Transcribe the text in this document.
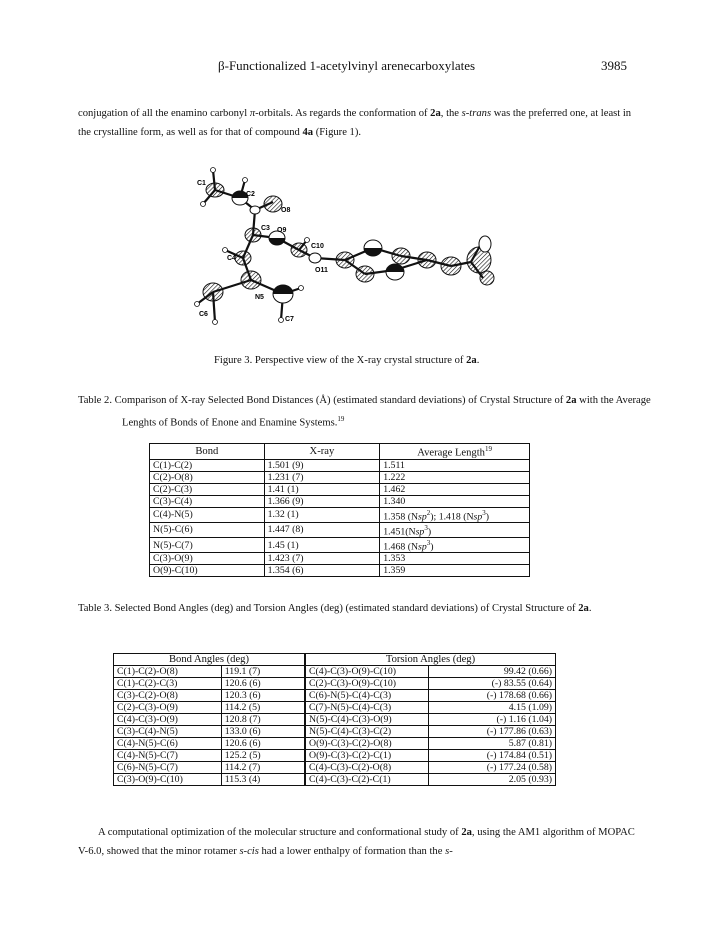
β-Functionalized 1-acetylvinyl arenecarboxylates	3985
conjugation of all the enamino carbonyl π-orbitals. As regards the conformation of 2a, the s-trans was the preferred one, at least in the crystalline form, as well as for that of compound 4a (Figure 1).
C1
C2
O8
C3 O9
C10
O11
C4
N5
C6
C7
Figure 3. Perspective view of the X-ray crystal structure of 2a.
Table 2. Comparison of X-ray Selected Bond Distances (Å) (estimated standard deviations) of Crystal Structure of 2a with the Average Lenghts of Bonds of Enone and Enamine Systems.$^{19}$
Bond	X-ray	Average Length$^{19}$
C(1)-C(2)	1.501 (9)	1.511
C(2)-O(8)	1.231 (7)	1.222
C(2)-C(3)	1.41 (1)	1.462
C(3)-C(4)	1.366 (9)	1.340
C(4)-N(5)	1.32 (1)	1.358 (Nsp$^2$); 1.418 (Nsp$^3$)
N(5)-C(6)	1.447 (8)	1.451(Nsp$^3$)
N(5)-C(7)	1.45 (1)	1.468 (Nsp$^3$)
C(3)-O(9)	1.423 (7)	1.353
O(9)-C(10)	1.354 (6)	1.359
Table 3. Selected Bond Angles (deg) and Torsion Angles (deg) (estimated standard deviations) of Crystal Structure of 2a.
Bond Angles (deg)		Torsion Angles (deg)	
C(1)-C(2)-O(8)	119.1 (7)	C(4)-C(3)-O(9)-C(10)	99.42 (0.66)
C(1)-C(2)-C(3)	120.6 (6)	C(2)-C(3)-O(9)-C(10)	(-) 83.55 (0.64)
C(3)-C(2)-O(8)	120.3 (6)	C(6)-N(5)-C(4)-C(3)	(-) 178.68 (0.66)
C(2)-C(3)-O(9)	114.2 (5)	C(7)-N(5)-C(4)-C(3)	4.15 (1.09)
C(4)-C(3)-O(9)	120.8 (7)	N(5)-C(4)-C(3)-O(9)	(-) 1.16 (1.04)
C(3)-C(4)-N(5)	133.0 (6)	N(5)-C(4)-C(3)-C(2)	(-) 177.86 (0.63)
C(4)-N(5)-C(6)	120.6 (6)	O(9)-C(3)-C(2)-O(8)	5.87 (0.81)
C(4)-N(5)-C(7)	125.2 (5)	O(9)-C(3)-C(2)-C(1)	(-) 174.84 (0.51)
C(6)-N(5)-C(7)	114.2 (7)	C(4)-C(3)-C(2)-O(8)	(-) 177.24 (0.58)
C(3)-O(9)-C(10)	115.3 (4)	C(4)-C(3)-C(2)-C(1)	2.05 (0.93)
A computational optimization of the molecular structure and conformational study of 2a, using the AM1 algorithm of MOPAC V-6.0, showed that the minor rotamer s-cis had a lower enthalpy of formation than the s-
